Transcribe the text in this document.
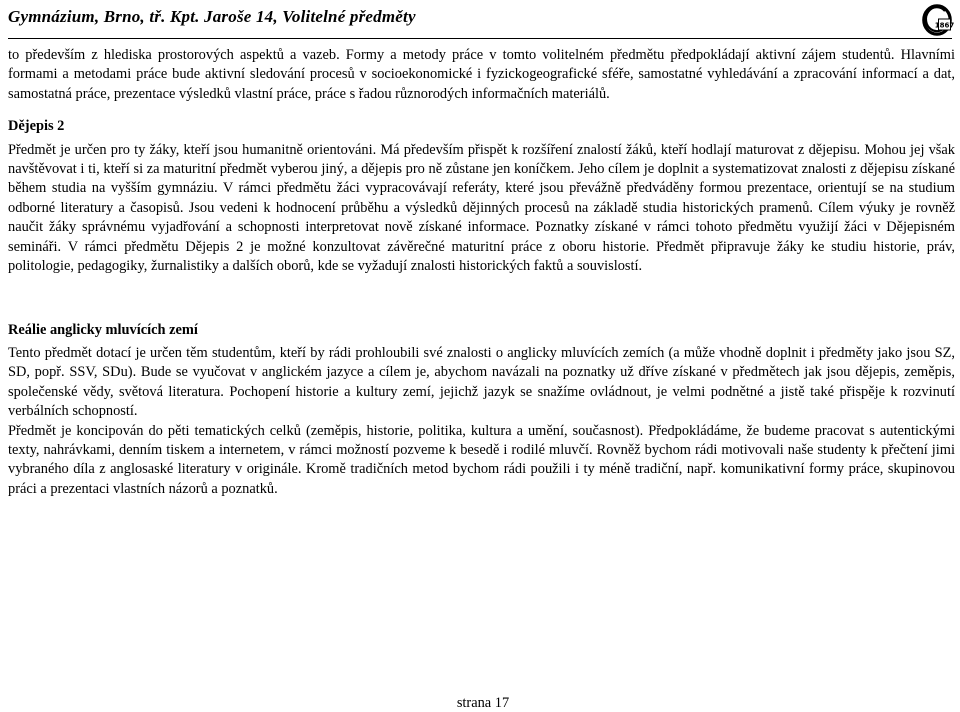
Gymnázium, Brno, tř. Kpt. Jaroše 14, Volitelné předměty	1867

to především z hlediska prostorových aspektů a vazeb. Formy a metody práce v tomto volitelném předmětu předpokládají aktivní zájem studentů. Hlavními formami a metodami práce bude aktivní sledování procesů v socioekonomické i fyzickogeografické sféře, samostatné vyhledávání a zpracování informací a dat, samostatná práce, prezentace výsledků vlastní práce, práce s řadou různorodých informačních materiálů.

Dějepis 2

Předmět je určen pro ty žáky, kteří jsou humanitně orientováni. Má především přispět k rozšíření znalostí žáků, kteří hodlají maturovat z dějepisu. Mohou jej však navštěvovat i ti, kteří si za maturitní předmět vyberou jiný, a dějepis pro ně zůstane jen koníčkem. Jeho cílem je doplnit a systematizovat znalosti z dějepisu získané během studia na vyšším gymnáziu. V rámci předmětu žáci vypracovávají referáty, které jsou převážně předváděny formou prezentace, orientují se na studium odborné literatury a časopisů. Jsou vedeni k hodnocení průběhu a výsledků dějinných procesů na základě studia historických pramenů. Cílem výuky je rovněž naučit žáky správnému vyjadřování a schopnosti interpretovat nově získané informace. Poznatky získané v rámci tohoto předmětu využijí žáci v Dějepisném semináři. V rámci předmětu Dějepis 2 je možné konzultovat závěrečné maturitní práce z oboru historie. Předmět připravuje žáky ke studiu historie, práv, politologie, pedagogiky, žurnalistiky a dalších oborů, kde se vyžadují znalosti historických faktů a souvislostí.

Reálie anglicky mluvících zemí

Tento předmět dotací je určen těm studentům, kteří by rádi prohloubili své znalosti o anglicky mluvících zemích (a může vhodně doplnit i předměty jako jsou SZ, SD, popř. SSV, SDu). Bude se vyučovat v anglickém jazyce a cílem je, abychom navázali na poznatky už dříve získané v předmětech jak jsou dějepis, zeměpis, společenské vědy, světová literatura. Pochopení historie a kultury zemí, jejichž jazyk se snažíme ovládnout, je velmi podnětné a jistě také přispěje k rozvinutí verbálních schopností.

Předmět je koncipován do pěti tematických celků (zeměpis, historie, politika, kultura a umění, současnost). Předpokládáme, že budeme pracovat s autentickými texty, nahrávkami, denním tiskem a internetem, v rámci možností pozveme k besedě i rodilé mluvčí. Rovněž bychom rádi motivovali naše studenty k přečtení jimi vybraného díla z anglosaské literatury v originále. Kromě tradičních metod bychom rádi použili i ty méně tradiční, např. komunikativní formy práce, skupinovou práci a prezentaci vlastních názorů a poznatků.

strana 17
